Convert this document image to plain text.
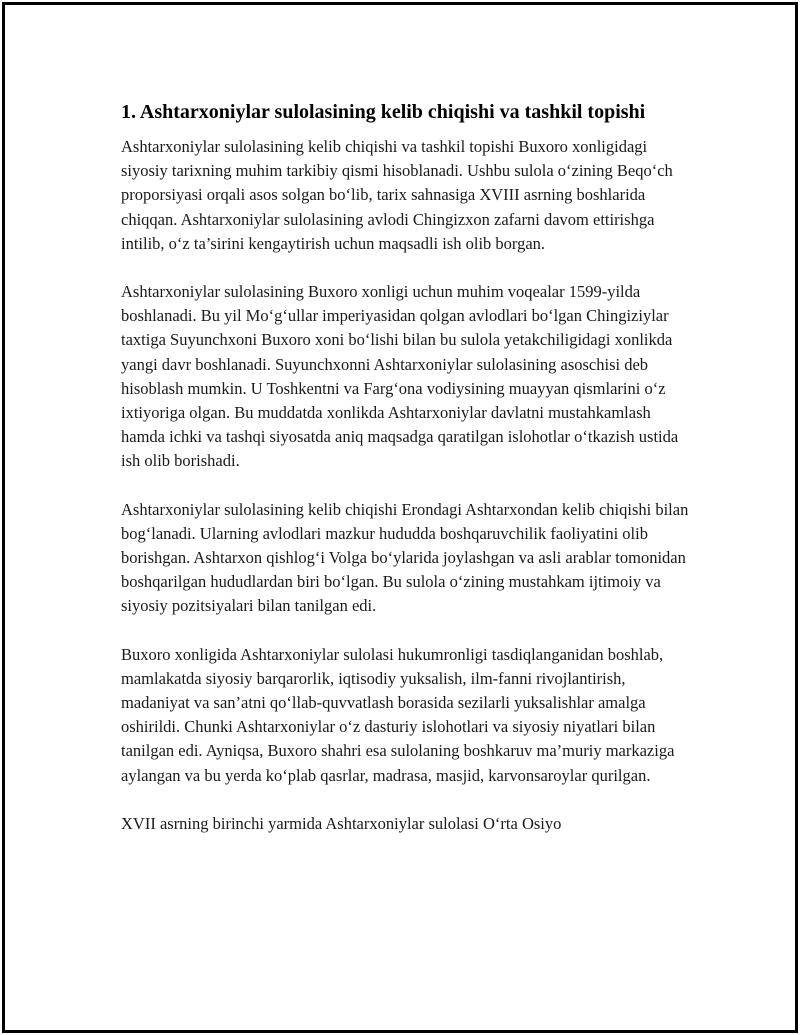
1. Ashtarxoniylar sulolasining kelib chiqishi va tashkil topishi

Ashtarxoniylar sulolasining kelib chiqishi va tashkil topishi Buxoro xonligidagi siyosiy tarixning muhim tarkibiy qismi hisoblanadi. Ushbu sulola o‘zining Beqo‘ch proporsiyasi orqali asos solgan bo‘lib, tarix sahnasiga XVIII asrning boshlarida chiqqan. Ashtarxoniylar sulolasining avlodi Chingizxon zafarni davom ettirishga intilib, o‘z ta’sirini kengaytirish uchun maqsadli ish olib borgan.

Ashtarxoniylar sulolasining Buxoro xonligi uchun muhim voqealar 1599-yilda boshlanadi. Bu yil Mo‘g‘ullar imperiyasidan qolgan avlodlari bo‘lgan Chingiziylar taxtiga Suyunchxoni Buxoro xoni bo‘lishi bilan bu sulola yetakchiligidagi xonlikda yangi davr boshlanadi. Suyunchxonni Ashtarxoniylar sulolasining asoschisi deb hisoblash mumkin. U Toshkentni va Farg‘ona vodiysining muayyan qismlarini o‘z ixtiyoriga olgan. Bu muddatda xonlikda Ashtarxoniylar davlatni mustahkamlash hamda ichki va tashqi siyosatda aniq maqsadga qaratilgan islohotlar o‘tkazish ustida ish olib borishadi.

Ashtarxoniylar sulolasining kelib chiqishi Erondagi Ashtarxondan kelib chiqishi bilan bog‘lanadi. Ularning avlodlari mazkur hududda boshqaruvchilik faoliyatini olib borishgan. Ashtarxon qishlog‘i Volga bo‘ylarida joylashgan va asli arablar tomonidan boshqarilgan hududlardan biri bo‘lgan. Bu sulola o‘zining mustahkam ijtimoiy va siyosiy pozitsiyalari bilan tanilgan edi.

Buxoro xonligida Ashtarxoniylar sulolasi hukumronligi tasdiqlanganidan boshlab, mamlakatda siyosiy barqarorlik, iqtisodiy yuksalish, ilm-fanni rivojlantirish, madaniyat va san’atni qo‘llab-quvvatlash borasida sezilarli yuksalishlar amalga oshirildi. Chunki Ashtarxoniylar o‘z dasturiy islohotlari va siyosiy niyatlari bilan tanilgan edi. Ayniqsa, Buxoro shahri esa sulolaning boshkaruv ma’muriy markaziga aylangan va bu yerda ko‘plab qasrlar, madrasa, masjid, karvonsaroylar qurilgan.

XVII asrning birinchi yarmida Ashtarxoniylar sulolasi O‘rta Osiyo
